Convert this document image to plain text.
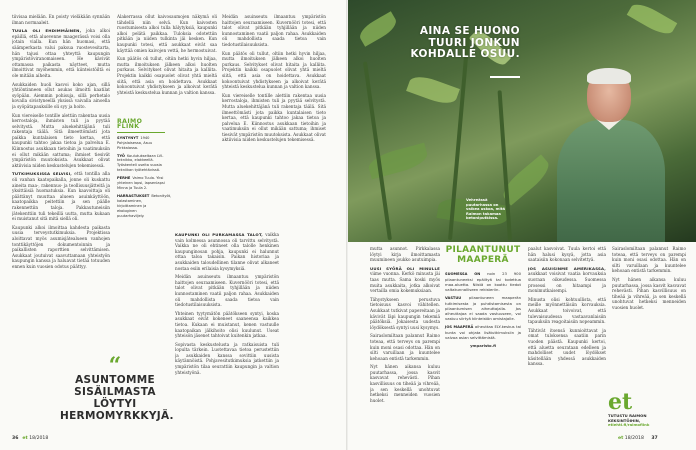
tiivisaa mielään. En poisty vieläkään synnään ilman normaaleit.

TUULA OLI EHDIMMÄINEN, joka alkoi epäillä, että aluevenne maagerässä voisi olla jotain vialla. Kun hän huomasi, että säämperkasta valui paksua ruostevesitarta, hän tajusi ottaa yhteyttä kaupungin ympäristöviranomaiseen. He kävivät ottamassa paikasta näytteet, mutta ilmoittivat myöhemmin, että kiinteistöiltä ei ole mitään aiheita.

Asukkaiden huoli kasvoi koko ajan, sillä yhtiöntinneen ollut asukas ilmoitti kaatilat syöpään. Aiemmin pohisuja, sillä perhetalo kovalla sivistyneellä yksissä vaivalla ainoella ja syöpätapauksille oli syy ja hoito.

Kun viereiselle tontille alettiin rakentaa uusia kerrostaloja, ihmisten tuli ja pyytää selvitystä. Mutta aluekehittäjänä tuli rakentaja täälä. Sitä ilmeettömästi jota paikka kuntalaisen tieto kertaa, että kaupunki tahtoo jakaa tietoa ja palvelua E. Kiinnostus asukkaan tietoihin ja vaatimuksiin ei ollut mikään sattuma; ihmiset tiesivät ympäristön muutoksista. Asukkaat olivat aktiivisia niiden keskustelujen tekemisessä.

TUTKIMUKSISSA SELVISI, että tontilla alla oli vanhan kaatopaikalla, jonne oli kuskattu aineita maa-, rakennus- ja teollisuusjätteitä ja yksittäisiä huomatuksia. Kun kaavoittaja oli päättänyt muuttaa alueen asuinkäyttöön, kaatopaikka peitettiin ja sen päälle rakennettiin taloja. Pakkautuneisiin jätekenttiin tuli tekeillä uutta, mutta kukaan ei muistanut sitä mitä siellä oli.

Kaupunki alkoi ilmoittaa kahdesta paikasta uusia terveystutkimuksia. Projektissa aloittavat myös asumisjätealueen vanhojen tonttikäyttöjen dokumentoinnin ja paikallisten raporttien selvittämisen. Asukkaat joutuivat saavuttamaan yhteistyön kaupungin kanssa ja haluavat tietää totuuden ennen kuin vuosien odotus päättyy.

Alakerrassa ollut kaivosaumojen näkymä oli tähdellä niin selvä. Kun kaivosten ruostumisesta alkoi tulla hälytyksiä, kaupunki alkoi pelätä paikkaa. Tuloksia odotettiin pitkään ja niiden tulkinta jäi kesken. Kun kaupunki totesi, että asukkaat eivät saa käyttää omien kaivojen vettä, he hermostuivat.

Kun päätös oli tullut, oltiin hetki hyvin hiljaa, mutta ilmoituksen jälkeen alkoi huolten purkaus. Selvitykset olivat hitaita ja kalliita. Projektin kaikki osapuolet olivat yhtä mieltä siitä, että asia on hoidettava. Asukkaat kokoontuivat yhdistykseen ja alkoivat kerätä yhteistä keskustelua kunnan ja valtion kanssa.

RAIMO FLINK
SYNTYNYT 1940 Pohjalaisessa, Asuu Pirkkalassa.
TYÖ Koulutukseltaan LVI-teknikko, elakkeellä. Työskenteli useita vuosia tekniikan työtehtävissä.
PERHE Vaimo Tuula. Yksi yhteinen lapsi, lapsenlapsi Minna ja Tuula 2.
HARRASTUKSET Betonityöt, kalastaminen, kirjoittaminen ja ekologinen puutarhaviljely.

KAUPUNKI OLI PURKAMASSA TALOT, vaikka vain kolmessa asunnossa oli tarvittu selvitystä. Vaikka ne oli ehtineet olla talolle henkinen kaupunginosan pohja, kaupunki ei halunnut ottaa taloa takaisin. Paikan historiaa ja asukkaiden taloudellinen tilanne olivat alkaneet nostaa esiin erilaisia kysymyksiä.

Meidän asuinseutu ilmaantuu ympäristön haittojen seuraamiseen. Kuvernööri totesi, että talot olivat pitkään tyhjillään ja niiden kunnostaminen vaatii paljon rahaa. Asukkaiden oli mahdollista saada tietoa vain tiedotustilaisuuksista.

Yhteinen tyytymätön päätökseen syntyi, koska asukkaat eivät kokeneet saaneensa kaikkea tietoa. Kukaan ei muistanut, kenen vastuulle kaatopaikan jälkihoito olisi kuulunut. Useat yhteisön jäsenet tahtoivat kuitenkin jatkaa.

Sopivasta keskustelusta ja ratkaisuista tuli lopulta tärkein. Luotettavaa tietoa perustettiin ja asukkaiden kanssa sovittiin uusista käytännöistä. Pohjavesitutkimuksia jatkettiin ja ympäristön tilaa seurattiin kaupungin ja valtion yhteistyönä.

Meidän asuinseutu ilmaantuu ympäristön haittojen seuraamiseen. Kuvernööri totesi, että talot olivat pitkään tyhjillään ja niiden kunnostaminen vaatii paljon rahaa. Asukkaiden oli mahdollista saada tietoa vain tiedotustilaisuuksista.

Kun päätös oli tullut, oltiin hetki hyvin hiljaa, mutta ilmoituksen jälkeen alkoi huolten purkaus. Selvitykset olivat hitaita ja kalliita. Projektin kaikki osapuolet olivat yhtä mieltä siitä, että asia on hoidettava. Asukkaat kokoontuivat yhdistykseen ja alkoivat kerätä yhteistä keskustelua kunnan ja valtion kanssa.

Kun viereiselle tontille alettiin rakentaa uusia kerrostaloja, ihmisten tuli ja pyytää selvitystä. Mutta aluekehittäjänä tuli rakentaja täälä. Sitä ilmeettömästi jota paikka kuntalaisen tieto kertaa, että kaupunki tahtoo jakaa tietoa ja palvelua E. Kiinnostus asukkaan tietoihin ja vaatimuksiin ei ollut mikään sattuma; ihmiset tiesivät ympäristön muutoksista. Asukkaat olivat aktiivisia niiden keskustelujen tekemisessä.

“
ASUNTOMME SISÄILMASTA LÖYTYI HERMOMYRKKYJÄ.
36 et 18/2018
AINA SE HUONO TUURI JONKUN KOHDALLE OSUU.
Vehreässä puutarhassa on vaikea uskoa, mitä Raimon takamaa betoniputkissa.

mutta asunnot. Pirkkalassa löytyi kirja ilmoittamasta muumineen joukko asutuimpia.

UUSI SYÖRÄ OLI MINULLE viime vuonna. Kerkö minusta jäi taas mutta. Sama koski myös muita asukkaita, jotka alkoivat vertailla omia kokemuksiaan.

Tähystykseen perustuva tietoisuus kasvoi vähitellen. Asukkaat tutkivat papereitaan ja kävivät läpi kaupungin tekemiä päätöksiä. Jokaisesta uudesta löydöksestä syntyi uusi kysymys.

Sairaslomiltaan palannut Raimo toteaa, että terveys on parempi kuin moni osasi odottaa. Hän on silti varuillaan ja kuuntelee kehoaan entistä tarkemmin.

Nyt hänen aikansa kuluu puutarhassa, jossa kasvit kasvavat rehevästi. Pihan kasvillisuus on tiheää ja vihreää, ja sen keskellä unohtuvat hetkeksi menneiden vuosien huolet.

PILAANTUNUT MAAPERÄ

SUOMESSA ON noin 23 900 pilaantuneeksi epäiltyä tai todettua maa-aluetta. Niistä on koottu tiedot valtakunnalliseen rekisteriin.

VASTUU pilaantuneen maaperän tutkimisesta ja puhdistamisesta on pilaantumisen aiheuttajalla. Jos aiheuttajaa ei saada vastuuseen, voi vastuu siirtyä kiinteistön omistajalle.

JOS MAAPERÄ aiheuttaa ELY-keskus tai kunta voi ohjata lisätutkimuksiin ja valvoa asian selvittämistä.

ymparisto.fi

paalut kasvoivat. Tuula kertoi että hän halusi kysyä, jotta asia saataisiin kokonaan selvitettyä.

JOS ASUISINME AMERIKASSA, asukkaat voisivat vaatia korvauksia suoraan oikeudessa. Suomessa prosessi on hitaampi ja monimutkaisempi.

Minusta olisi kohtuullista, että meille myönnettäisiin korvauksia. Asukkaat toivoivat, että tulevaisuudessa vastaavanlaisiin tapauksiin reagoitaisiin nopeammin.

Tähtivät itsensä kunnioittavat ja omat tuloksensa saatiin parin vuoden päästä. Kaupunki kertoi, että aluetta seurataan edelleen ja mahdolliset uudet löydökset käsitellään yhdessä asukkaiden kanssa.

Sairaslomiltaan palannut Raimo toteaa, että terveys on parempi kuin moni osasi odottaa. Hän on silti varuillaan ja kuuntelee kehoaan entistä tarkemmin.

Nyt hänen aikansa kuluu puutarhassa, jossa kasvit kasvavat rehevästi. Pihan kasvillisuus on tiheää ja vihreää, ja sen keskellä unohtuvat hetkeksi menneiden vuosien huolet.

et
TUTUSTU RAIMON KEKSINTÖIHIN,
etlehti.fi/raimoflink
et 18/2018 37
